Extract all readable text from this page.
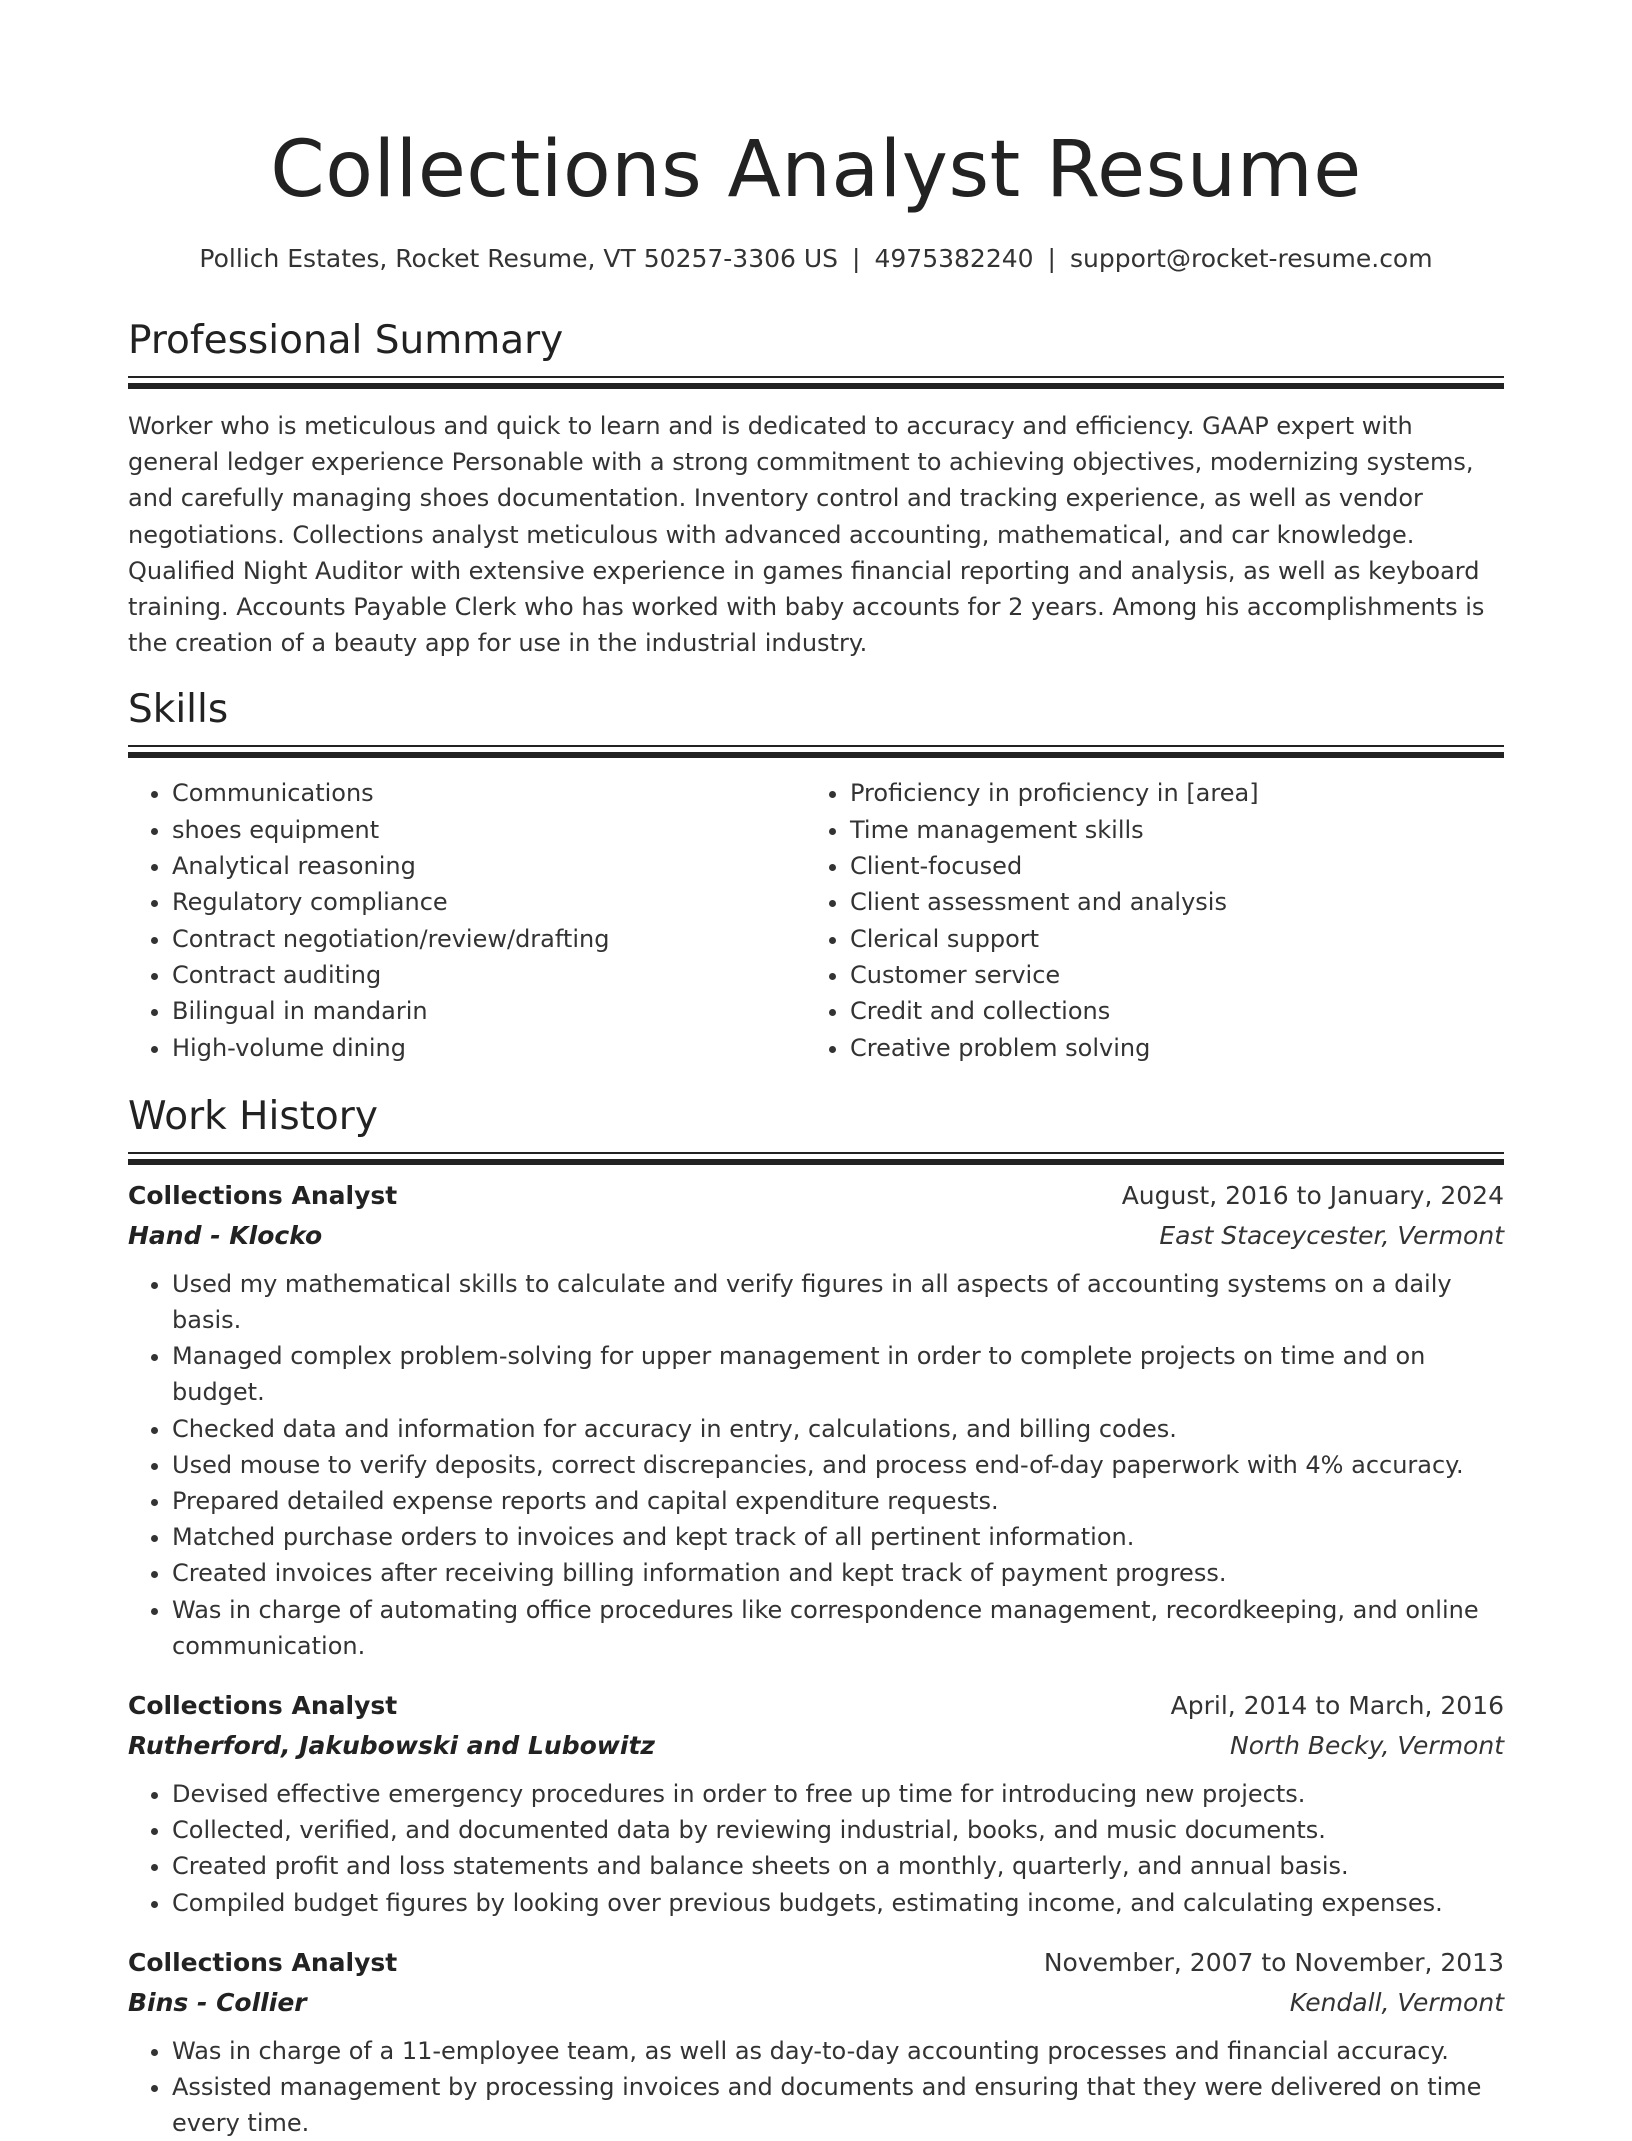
Collections Analyst Resume
Pollich Estates, Rocket Resume, VT 50257-3306 US | 4975382240 | support@rocket-resume.com
Professional Summary

Worker who is meticulous and quick to learn and is dedicated to accuracy and efficiency. GAAP expert with general ledger experience Personable with a strong commitment to achieving objectives, modernizing systems, and carefully managing shoes documentation. Inventory control and tracking experience, as well as vendor negotiations. Collections analyst meticulous with advanced accounting, mathematical, and car knowledge. Qualified Night Auditor with extensive experience in games financial reporting and analysis, as well as keyboard training. Accounts Payable Clerk who has worked with baby accounts for 2 years. Among his accomplishments is the creation of a beauty app for use in the industrial industry.

Skills
• Communications
• shoes equipment
• Analytical reasoning
• Regulatory compliance
• Contract negotiation/review/drafting
• Contract auditing
• Bilingual in mandarin
• High-volume dining
• Proficiency in proficiency in [area]
• Time management skills
• Client-focused
• Client assessment and analysis
• Clerical support
• Customer service
• Credit and collections
• Creative problem solving
Work History
Collections Analyst	August, 2016 to January, 2024
Hand - Klocko	East Staceycester, Vermont
• Used my mathematical skills to calculate and verify figures in all aspects of accounting systems on a daily basis.
• Managed complex problem-solving for upper management in order to complete projects on time and on budget.
• Checked data and information for accuracy in entry, calculations, and billing codes.
• Used mouse to verify deposits, correct discrepancies, and process end-of-day paperwork with 4% accuracy.
• Prepared detailed expense reports and capital expenditure requests.
• Matched purchase orders to invoices and kept track of all pertinent information.
• Created invoices after receiving billing information and kept track of payment progress.
• Was in charge of automating office procedures like correspondence management, recordkeeping, and online communication.
Collections Analyst	April, 2014 to March, 2016
Rutherford, Jakubowski and Lubowitz	North Becky, Vermont
• Devised effective emergency procedures in order to free up time for introducing new projects.
• Collected, verified, and documented data by reviewing industrial, books, and music documents.
• Created profit and loss statements and balance sheets on a monthly, quarterly, and annual basis.
• Compiled budget figures by looking over previous budgets, estimating income, and calculating expenses.
Collections Analyst	November, 2007 to November, 2013
Bins - Collier	Kendall, Vermont
• Was in charge of a 11-employee team, as well as day-to-day accounting processes and financial accuracy.
• Assisted management by processing invoices and documents and ensuring that they were delivered on time every time.
